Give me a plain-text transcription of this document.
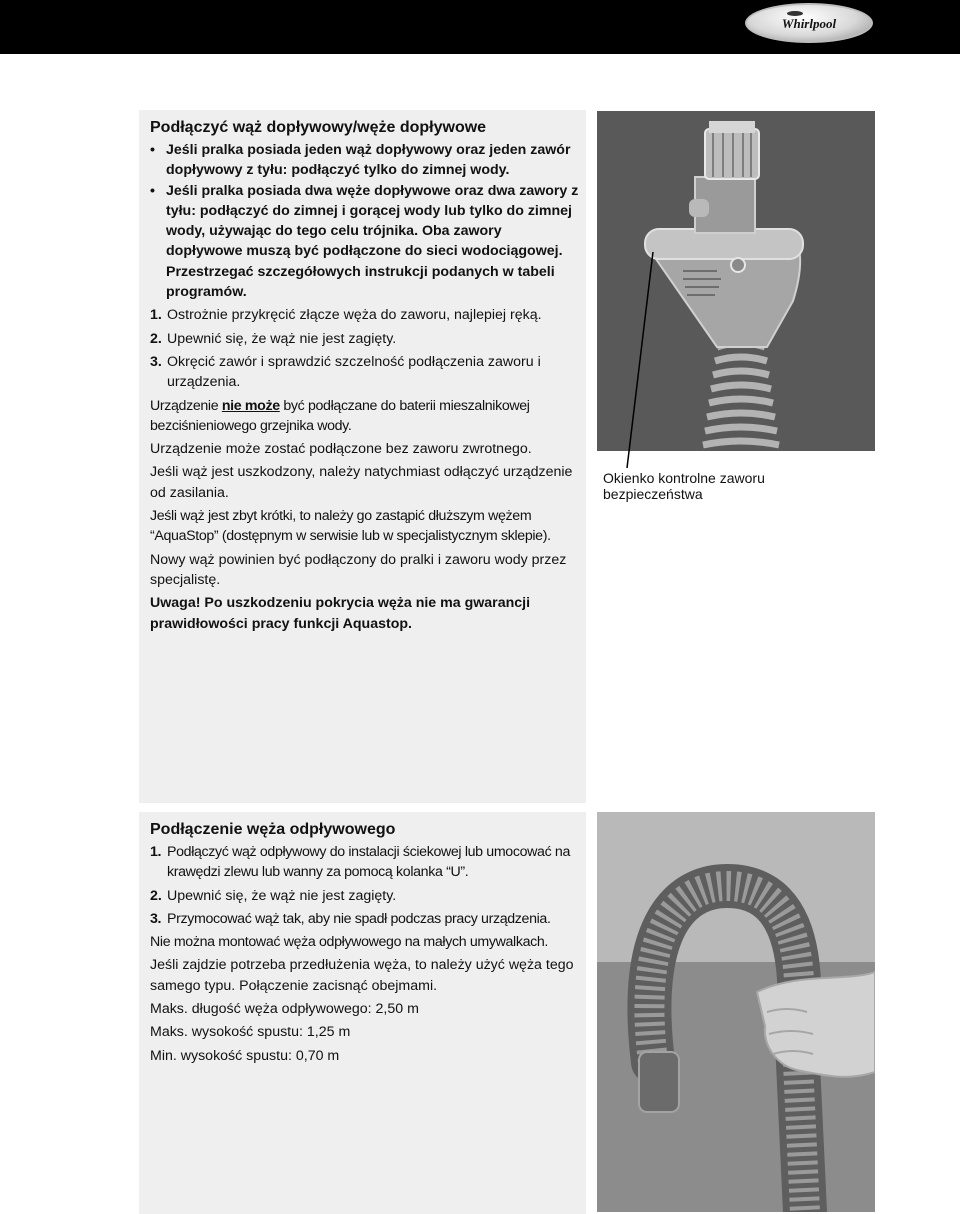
Whirlpool
Podłączyć wąż dopływowy/węże dopływowe
• Jeśli pralka posiada jeden wąż dopływowy oraz jeden zawór dopływowy z tyłu: podłączyć tylko do zimnej wody.
• Jeśli pralka posiada dwa węże dopływowe oraz dwa zawory z tyłu: podłączyć do zimnej i gorącej wody lub tylko do zimnej wody, używając do tego celu trójnika. Oba zawory dopływowe muszą być podłączone do sieci wodociągowej. Przestrzegać szczegółowych instrukcji podanych w tabeli programów.
1. Ostrożnie przykręcić złącze węża do zaworu, najlepiej ręką.
2. Upewnić się, że wąż nie jest zagięty.
3. Okręcić zawór i sprawdzić szczelność podłączenia zaworu i urządzenia.

Urządzenie nie może być podłączane do baterii mieszalnikowej bezciśnieniowego grzejnika wody.

Urządzenie może zostać podłączone bez zaworu zwrotnego.

Jeśli wąż jest uszkodzony, należy natychmiast odłączyć urządzenie od zasilania.

Jeśli wąż jest zbyt krótki, to należy go zastąpić dłuższym wężem “AquaStop” (dostępnym w serwisie lub w specjalistycznym sklepie).

Nowy wąż powinien być podłączony do pralki i zaworu wody przez specjalistę.

Uwaga! Po uszkodzeniu pokrycia węża nie ma gwarancji prawidłowości pracy funkcji Aquastop.

Okienko kontrolne zaworu bezpieczeństwa
Podłączenie węża odpływowego
1. Podłączyć wąż odpływowy do instalacji ściekowej lub umocować na krawędzi zlewu lub wanny za pomocą kolanka “U”.
2. Upewnić się, że wąż nie jest zagięty.
3. Przymocować wąż tak, aby nie spadł podczas pracy urządzenia.

Nie można montować węża odpływowego na małych umywalkach.

Jeśli zajdzie potrzeba przedłużenia węża, to należy użyć węża tego samego typu. Połączenie zacisnąć obejmami.

Maks. długość węża odpływowego: 2,50 m

Maks. wysokość spustu: 1,25 m

Min. wysokość spustu: 0,70 m
